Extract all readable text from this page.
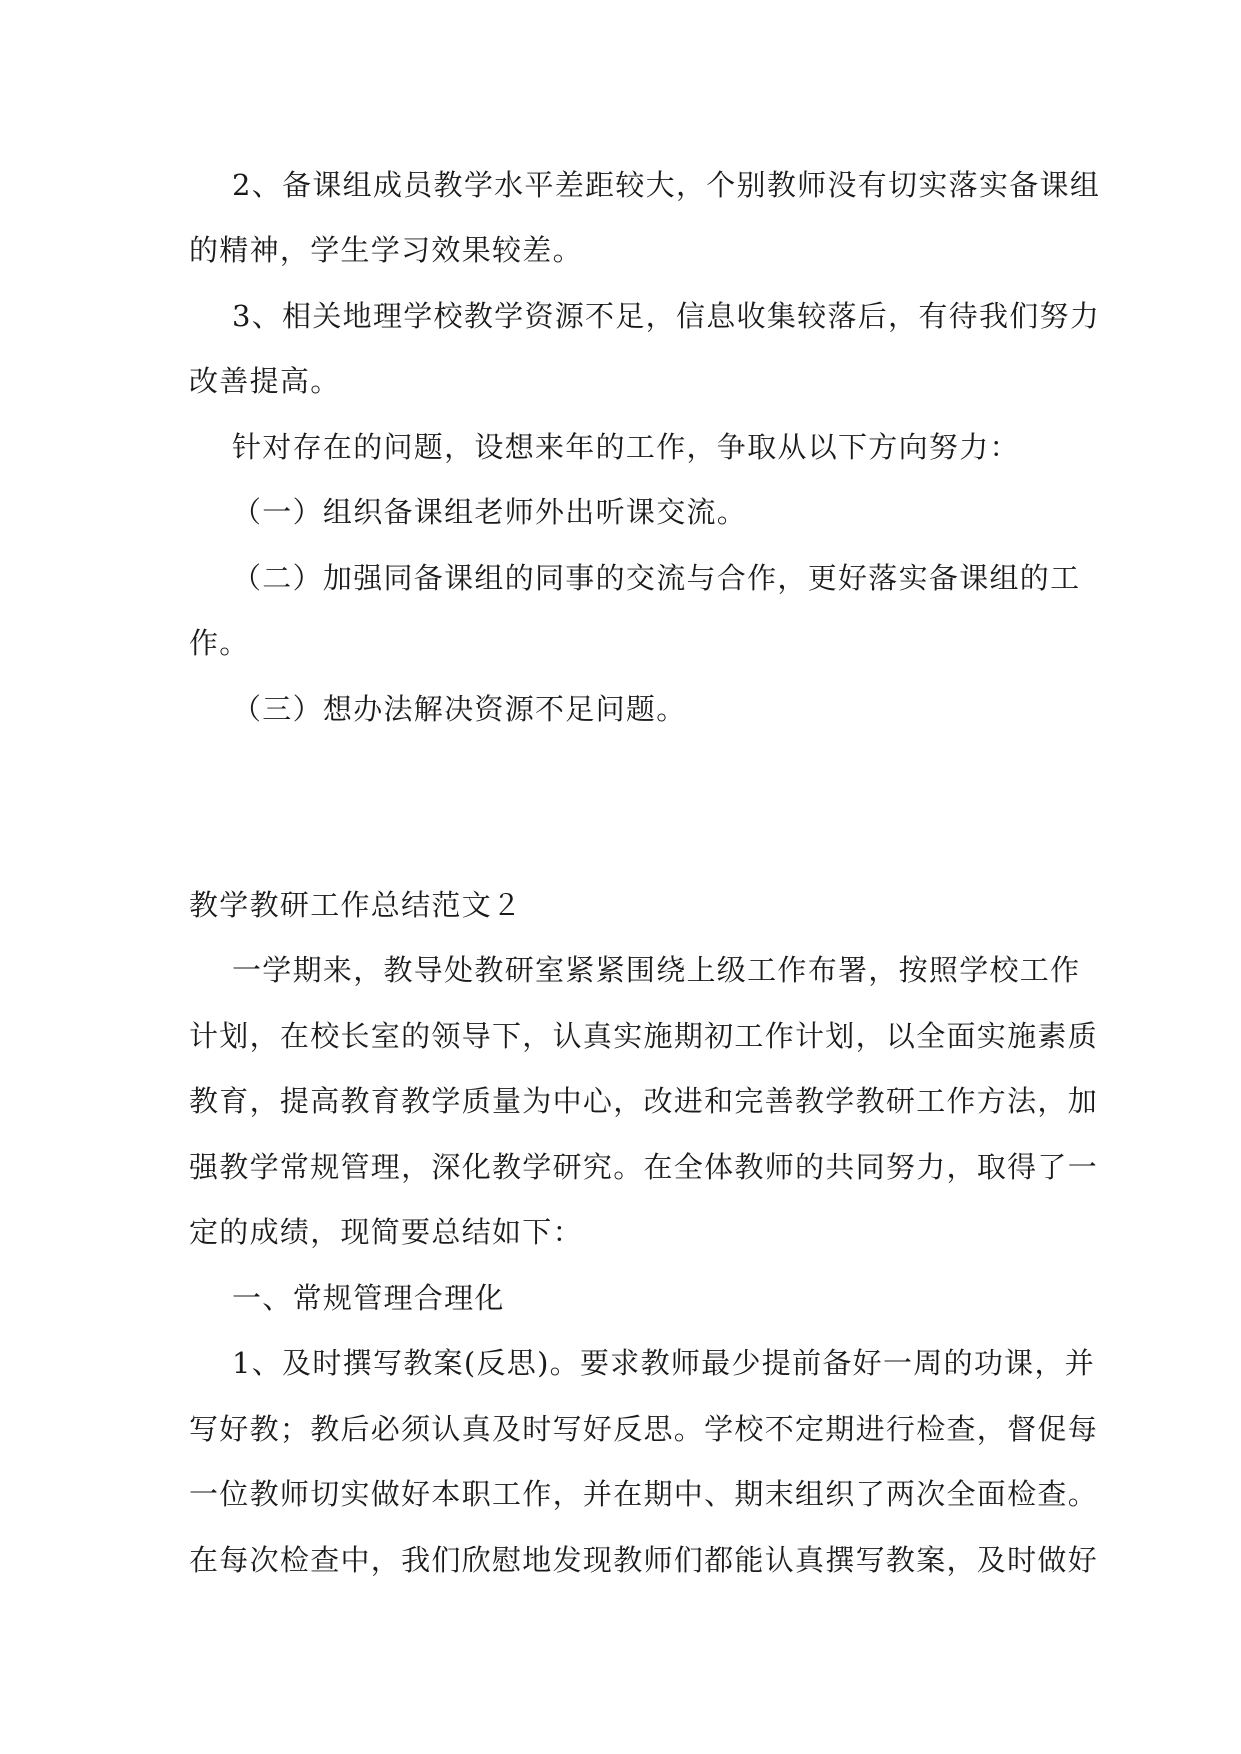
2、备课组成员教学水平差距较大，个别教师没有切实落实备课组
的精神，学生学习效果较差。
3、相关地理学校教学资源不足，信息收集较落后，有待我们努力
改善提高。
针对存在的问题，设想来年的工作，争取从以下方向努力：
（一）组织备课组老师外出听课交流。
（二）加强同备课组的同事的交流与合作，更好落实备课组的工
作。
（三）想办法解决资源不足问题。
教学教研工作总结范文２
一学期来，教导处教研室紧紧围绕上级工作布署，按照学校工作
计划，在校长室的领导下，认真实施期初工作计划，以全面实施素质
教育，提高教育教学质量为中心，改进和完善教学教研工作方法，加
强教学常规管理，深化教学研究。在全体教师的共同努力，取得了一
定的成绩，现简要总结如下：
一、常规管理合理化
1、及时撰写教案(反思)。要求教师最少提前备好一周的功课，并
写好教；教后必须认真及时写好反思。学校不定期进行检查，督促每
一位教师切实做好本职工作，并在期中、期末组织了两次全面检查。
在每次检查中，我们欣慰地发现教师们都能认真撰写教案，及时做好
